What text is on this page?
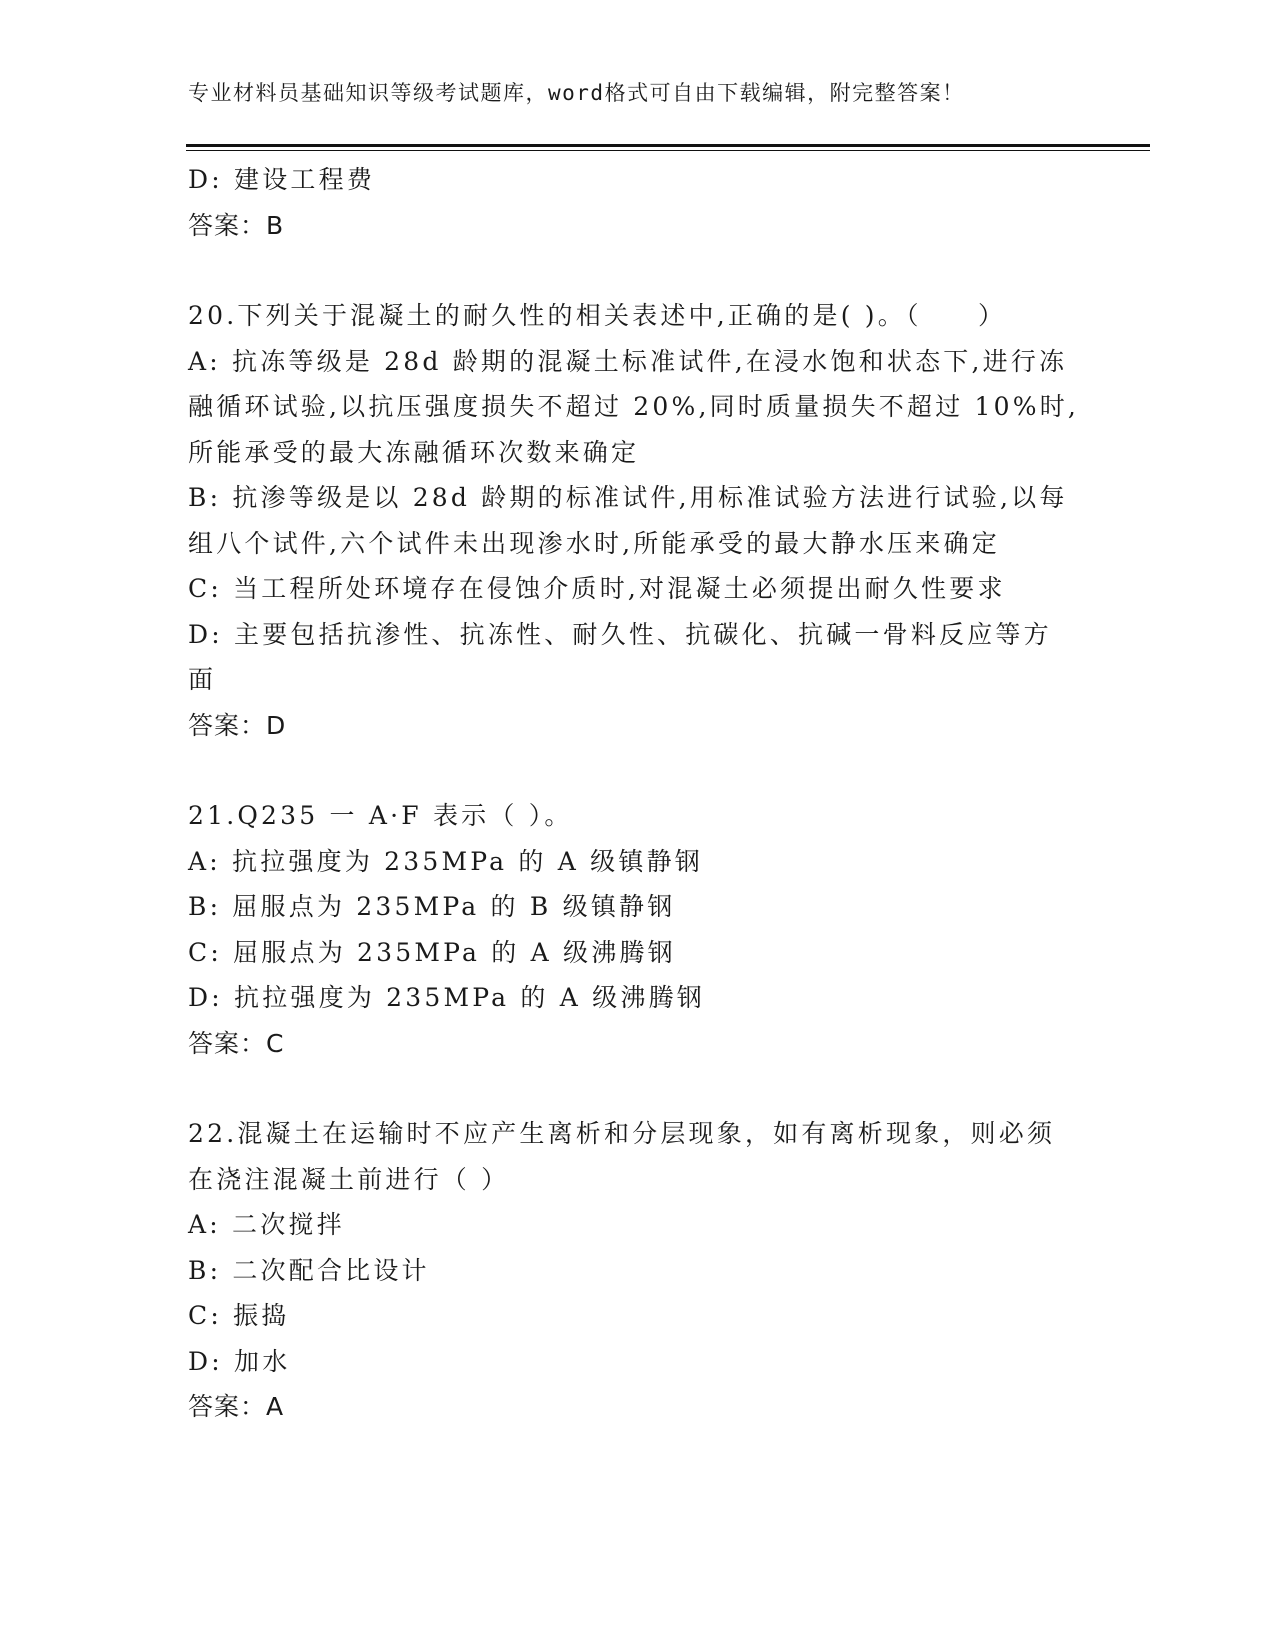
专业材料员基础知识等级考试题库，word格式可自由下载编辑，附完整答案！
D: 建设工程费
答案：B
20.下列关于混凝土的耐久性的相关表述中,正确的是( )。（　　）
A: 抗冻等级是 28d 龄期的混凝土标准试件,在浸水饱和状态下,进行冻
融循环试验,以抗压强度损失不超过 20%,同时质量损失不超过 10%时,
所能承受的最大冻融循环次数来确定
B: 抗渗等级是以 28d 龄期的标准试件,用标准试验方法进行试验,以每
组八个试件,六个试件未出现渗水时,所能承受的最大静水压来确定
C: 当工程所处环境存在侵蚀介质时,对混凝土必须提出耐久性要求
D: 主要包括抗渗性、抗冻性、耐久性、抗碳化、抗碱一骨料反应等方
面
答案：D
21.Q235 一 A·F 表示（ ）。
A: 抗拉强度为 235MPa 的 A 级镇静钢
B: 屈服点为 235MPa 的 B 级镇静钢
C: 屈服点为 235MPa 的 A 级沸腾钢
D: 抗拉强度为 235MPa 的 A 级沸腾钢
答案：C
22.混凝土在运输时不应产生离析和分层现象，如有离析现象，则必须
在浇注混凝土前进行（ ）
A: 二次搅拌
B: 二次配合比设计
C: 振捣
D: 加水
答案：A
